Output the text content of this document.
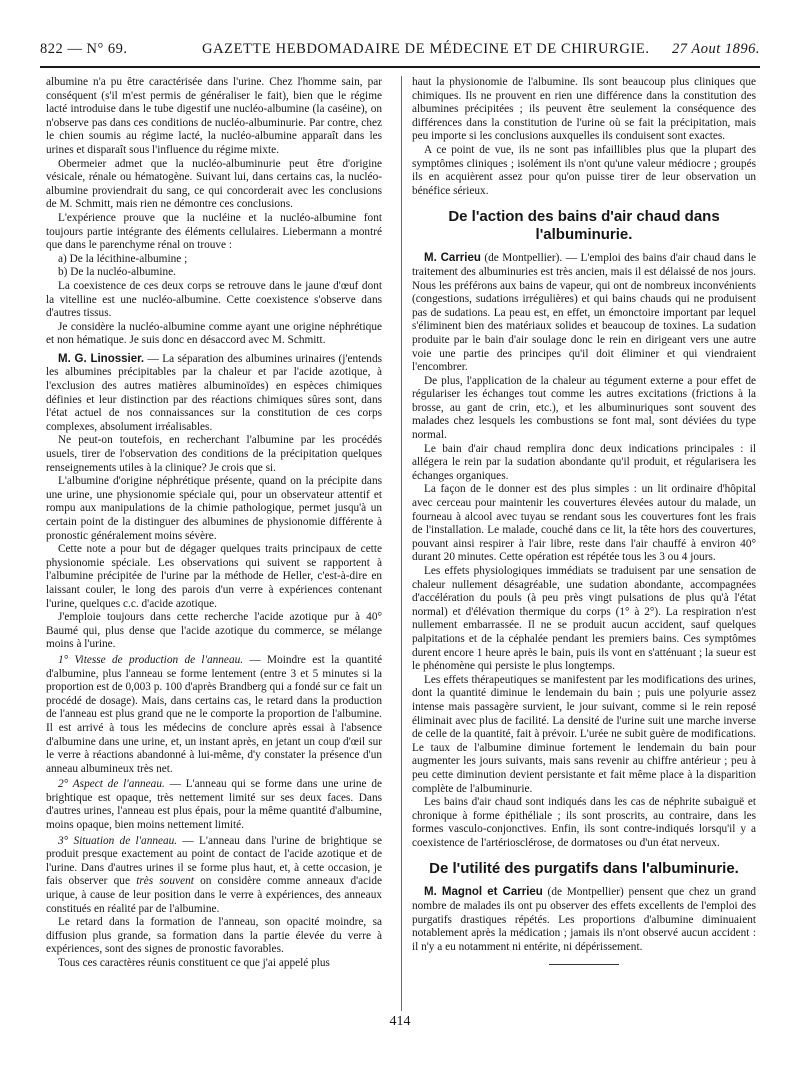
822 — N° 69.	GAZETTE HEBDOMADAIRE DE MÉDECINE ET DE CHIRURGIE. 27 Aout 1896.

albumine n'a pu être caractérisée dans l'urine. Chez l'homme sain, par conséquent (s'il m'est permis de généraliser le fait), bien que le régime lacté introduise dans le tube digestif une nucléo-albumine (la caséine), on n'observe pas dans ces conditions de nucléo-albuminurie. Par contre, chez le chien soumis au régime lacté, la nucléo-albumine apparaît dans les urines et disparaît sous l'influence du régime mixte.

Obermeier admet que la nucléo-albuminurie peut être d'origine vésicale, rénale ou hématogène. Suivant lui, dans certains cas, la nucléo-albumine proviendrait du sang, ce qui concorderait avec les conclusions de M. Schmitt, mais rien ne démontre ces conclusions.

L'expérience prouve que la nucléine et la nucléo-albumine font toujours partie intégrante des éléments cellulaires. Liebermann a montré que dans le parenchyme rénal on trouve :

a) De la lécithine-albumine ;

b) De la nucléo-albumine.

La coexistence de ces deux corps se retrouve dans le jaune d'œuf dont la vitelline est une nucléo-albumine. Cette coexistence s'observe dans d'autres tissus.

Je considère la nucléo-albumine comme ayant une origine néphrétique et non hématique. Je suis donc en désaccord avec M. Schmitt.

M. G. Linossier. — La séparation des albumines urinaires (j'entends les albumines précipitables par la chaleur et par l'acide azotique, à l'exclusion des autres matières albuminoïdes) en espèces chimiques définies et leur distinction par des réactions chimiques sûres sont, dans l'état actuel de nos connaissances sur la constitution de ces corps complexes, absolument irréalisables.

Ne peut-on toutefois, en recherchant l'albumine par les procédés usuels, tirer de l'observation des conditions de la précipitation quelques renseignements utiles à la clinique? Je crois que si.

L'albumine d'origine néphrétique présente, quand on la précipite dans une urine, une physionomie spéciale qui, pour un observateur attentif et rompu aux manipulations de la chimie pathologique, permet jusqu'à un certain point de la distinguer des albumines de physionomie différente à pronostic généralement moins sévère.

Cette note a pour but de dégager quelques traits principaux de cette physionomie spéciale. Les observations qui suivent se rapportent à l'albumine précipitée de l'urine par la méthode de Heller, c'est-à-dire en laissant couler, le long des parois d'un verre à expériences contenant l'urine, quelques c.c. d'acide azotique.

J'emploie toujours dans cette recherche l'acide azotique pur à 40° Baumé qui, plus dense que l'acide azotique du commerce, se mélange moins à l'urine.

1° Vitesse de production de l'anneau. — Moindre est la quantité d'albumine, plus l'anneau se forme lentement (entre 3 et 5 minutes si la proportion est de 0,003 p. 100 d'après Brandberg qui a fondé sur ce fait un procédé de dosage). Mais, dans certains cas, le retard dans la production de l'anneau est plus grand que ne le comporte la proportion de l'albumine. Il est arrivé à tous les médecins de conclure après essai à l'absence d'albumine dans une urine, et, un instant après, en jetant un coup d'œil sur le verre à réactions abandonné à lui-même, d'y constater la présence d'un anneau albumineux très net.

2° Aspect de l'anneau. — L'anneau qui se forme dans une urine de brightique est opaque, très nettement limité sur ses deux faces. Dans d'autres urines, l'anneau est plus épais, pour la même quantité d'albumine, moins opaque, bien moins nettement limité.

3° Situation de l'anneau. — L'anneau dans l'urine de brightique se produit presque exactement au point de contact de l'acide azotique et de l'urine. Dans d'autres urines il se forme plus haut, et, à cette occasion, je fais observer que très souvent on considère comme anneaux d'acide urique, à cause de leur position dans le verre à expériences, des anneaux constitués en réalité par de l'albumine.

Le retard dans la formation de l'anneau, son opacité moindre, sa diffusion plus grande, sa formation dans la partie élevée du verre à expériences, sont des signes de pronostic favorables.

Tous ces caractères réunis constituent ce que j'ai appelé plus

haut la physionomie de l'albumine. Ils sont beaucoup plus cliniques que chimiques. Ils ne prouvent en rien une différence dans la constitution des albumines précipitées ; ils peuvent être seulement la conséquence des différences dans la constitution de l'urine où se fait la précipitation, mais peu importe si les conclusions auxquelles ils conduisent sont exactes.

A ce point de vue, ils ne sont pas infaillibles plus que la plupart des symptômes cliniques ; isolément ils n'ont qu'une valeur médiocre ; groupés ils en acquièrent assez pour qu'on puisse tirer de leur observation un bénéfice sérieux.

De l'action des bains d'air chaud dans l'albuminurie.

M. Carrieu (de Montpellier). — L'emploi des bains d'air chaud dans le traitement des albuminuries est très ancien, mais il est délaissé de nos jours. Nous les préférons aux bains de vapeur, qui ont de nombreux inconvénients (congestions, sudations irrégulières) et qui bains chauds qui ne produisent pas de sudations. La peau est, en effet, un émonctoire important par lequel s'éliminent bien des matériaux solides et beaucoup de toxines. La sudation produite par le bain d'air soulage donc le rein en dirigeant vers une autre voie une partie des principes qu'il doit éliminer et qui viendraient l'encombrer.

De plus, l'application de la chaleur au tégument externe a pour effet de régulariser les échanges tout comme les autres excitations (frictions à la brosse, au gant de crin, etc.), et les albuminuriques sont souvent des malades chez lesquels les combustions se font mal, sont déviées du type normal.

Le bain d'air chaud remplira donc deux indications principales : il allégera le rein par la sudation abondante qu'il produit, et régularisera les échanges organiques.

La façon de le donner est des plus simples : un lit ordinaire d'hôpital avec cerceau pour maintenir les couvertures élevées autour du malade, un fourneau à alcool avec tuyau se rendant sous les couvertures font les frais de l'installation. Le malade, couché dans ce lit, la tête hors des couvertures, pouvant ainsi respirer à l'air libre, reste dans l'air chauffé à environ 40° durant 20 minutes. Cette opération est répétée tous les 3 ou 4 jours.

Les effets physiologiques immédiats se traduisent par une sensation de chaleur nullement désagréable, une sudation abondante, accompagnées d'accélération du pouls (à peu près vingt pulsations de plus qu'à l'état normal) et d'élévation thermique du corps (1° à 2°). La respiration n'est nullement embarrassée. Il ne se produit aucun accident, sauf quelques palpitations et de la céphalée pendant les premiers bains. Ces symptômes durent encore 1 heure après le bain, puis ils vont en s'atténuant ; la sueur est le phénomène qui persiste le plus longtemps.

Les effets thérapeutiques se manifestent par les modifications des urines, dont la quantité diminue le lendemain du bain ; puis une polyurie assez intense mais passagère survient, le jour suivant, comme si le rein reposé éliminait avec plus de facilité. La densité de l'urine suit une marche inverse de celle de la quantité, fait à prévoir. L'urée ne subit guère de modifications. Le taux de l'albumine diminue fortement le lendemain du bain pour augmenter les jours suivants, mais sans revenir au chiffre antérieur ; peu à peu cette diminution devient persistante et fait même place à la disparition complète de l'albuminurie.

Les bains d'air chaud sont indiqués dans les cas de néphrite subaiguë et chronique à forme épithéliale ; ils sont proscrits, au contraire, dans les formes vasculo-conjonctives. Enfin, ils sont contre-indiqués lorsqu'il y a coexistence de l'artériosclérose, de dormatoses ou d'un état nerveux.

De l'utilité des purgatifs dans l'albuminurie.

M. Magnol et Carrieu (de Montpellier) pensent que chez un grand nombre de malades ils ont pu observer des effets excellents de l'emploi des purgatifs drastiques répétés. Les proportions d'albumine diminuaient notablement après la médication ; jamais ils n'ont observé aucun accident : il n'y a eu notamment ni entérite, ni dépérissement.

414
